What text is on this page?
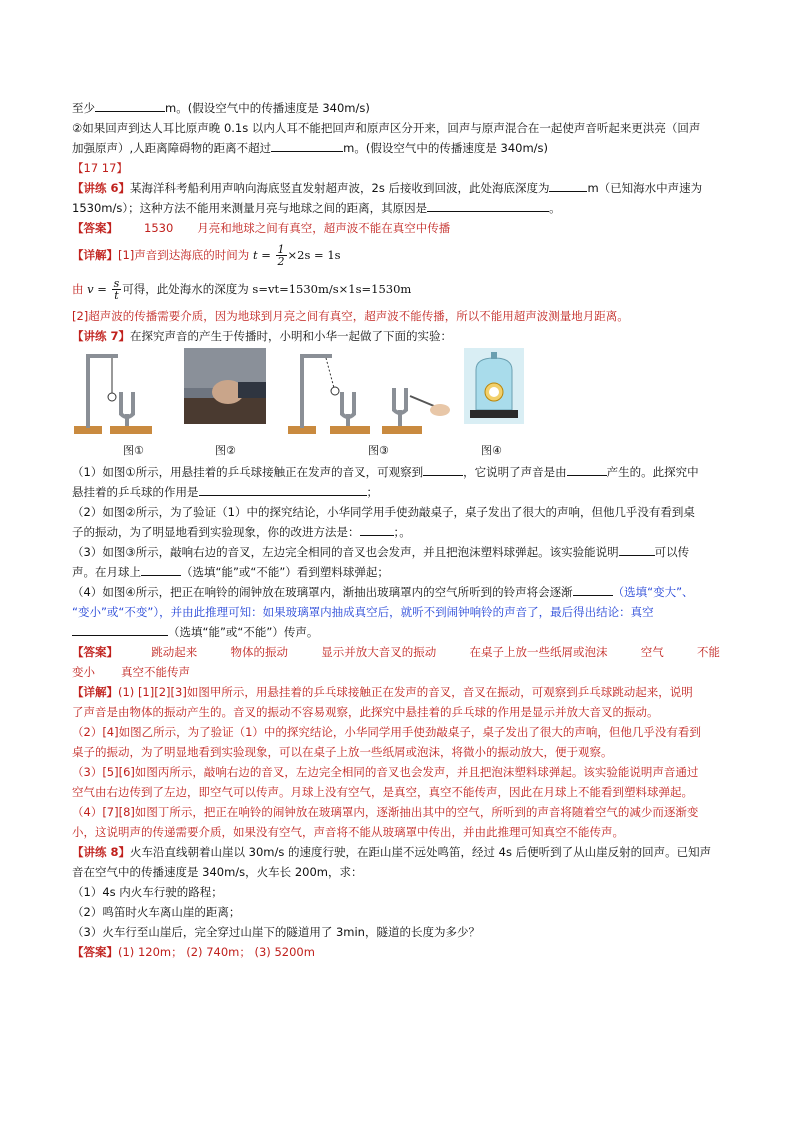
至少	m。(假设空气中的传播速度是 340m/s)
②如果回声到达人耳比原声晚 0.1s 以内人耳不能把回声和原声区分开来，回声与原声混合在一起使声音听起来更洪亮（回声
加强原声）,人距离障碍物的距离不超过	m。(假设空气中的传播速度是 340m/s)
【17 17】
【讲练 6】某海洋科考船利用声呐向海底竖直发射超声波，2s 后接收到回波，此处海底深度为	m（已知海水中声速为
1530m/s）；这种方法不能用来测量月亮与地球之间的距离，其原因是	。
【答案】 1530 月亮和地球之间有真空，超声波不能在真空中传播
【详解】[1]声音到达海底的时间为 $t = \frac{1}{2} \times 2s = 1s$
由 $v = \frac{s}{t}$ 可得，此处海水的深度为 s=vt=1530m/s×1s=1530m
[2]超声波的传播需要介质，因为地球到月亮之间有真空，超声波不能传播，所以不能用超声波测量地月距离。
【讲练 7】在探究声音的产生于传播时，小明和小华一起做了下面的实验：
图①	图②	图③	图④
（1）如图①所示，用悬挂着的乒乓球接触正在发声的音叉，可观察到	，它说明了声音是由	产生的。此探究中
悬挂着的乒乓球的作用是	；
（2）如图②所示，为了验证（1）中的探究结论，小华同学用手使劲敲桌子，桌子发出了很大的声响，但他几乎没有看到桌
子的振动，为了明显地看到实验现象，你的改进方法是：	；。
（3）如图③所示，敲响右边的音叉，左边完全相同的音叉也会发声，并且把泡沫塑料球弹起。该实验能说明	可以传
声。在月球上	（选填“能”或“不能”）看到塑料球弹起；
（4）如图④所示，把正在响铃的闹钟放在玻璃罩内，渐抽出玻璃罩内的空气所听到的铃声将会逐渐	（选填“变大”、
“变小”或“不变”），并由此推理可知：如果玻璃罩内抽成真空后，就听不到闹钟响铃的声音了，最后得出结论：真空
（选填“能”或“不能”）传声。
【答案】	跳动起来	物体的振动	显示并放大音叉的振动	在桌子上放一些纸屑或泡沫	空气	不能
变小 真空不能传声
【详解】(1) [1][2][3]如图甲所示，用悬挂着的乒乓球接触正在发声的音叉，音叉在振动，可观察到乒乓球跳动起来，说明
了声音是由物体的振动产生的。音叉的振动不容易观察，此探究中悬挂着的乒乓球的作用是显示并放大音叉的振动。
（2）[4]如图乙所示，为了验证（1）中的探究结论，小华同学用手使劲敲桌子，桌子发出了很大的声响，但他几乎没有看到
桌子的振动，为了明显地看到实验现象，可以在桌子上放一些纸屑或泡沫，将微小的振动放大，便于观察。
（3）[5][6]如图丙所示，敲响右边的音叉，左边完全相同的音叉也会发声，并且把泡沫塑料球弹起。该实验能说明声音通过
空气由右边传到了左边，即空气可以传声。月球上没有空气，是真空，真空不能传声，因此在月球上不能看到塑料球弹起。
（4）[7][8]如图丁所示，把正在响铃的闹钟放在玻璃罩内，逐渐抽出其中的空气，所听到的声音将随着空气的减少而逐渐变
小，这说明声的传递需要介质，如果没有空气，声音将不能从玻璃罩中传出，并由此推理可知真空不能传声。
【讲练 8】火车沿直线朝着山崖以 30m/s 的速度行驶，在距山崖不远处鸣笛，经过 4s 后便听到了从山崖反射的回声。已知声
音在空气中的传播速度是 340m/s，火车长 200m，求：
（1）4s 内火车行驶的路程；
（2）鸣笛时火车离山崖的距离；
（3）火车行至山崖后，完全穿过山崖下的隧道用了 3min，隧道的长度为多少？
【答案】(1) 120m； (2) 740m； (3) 5200m
